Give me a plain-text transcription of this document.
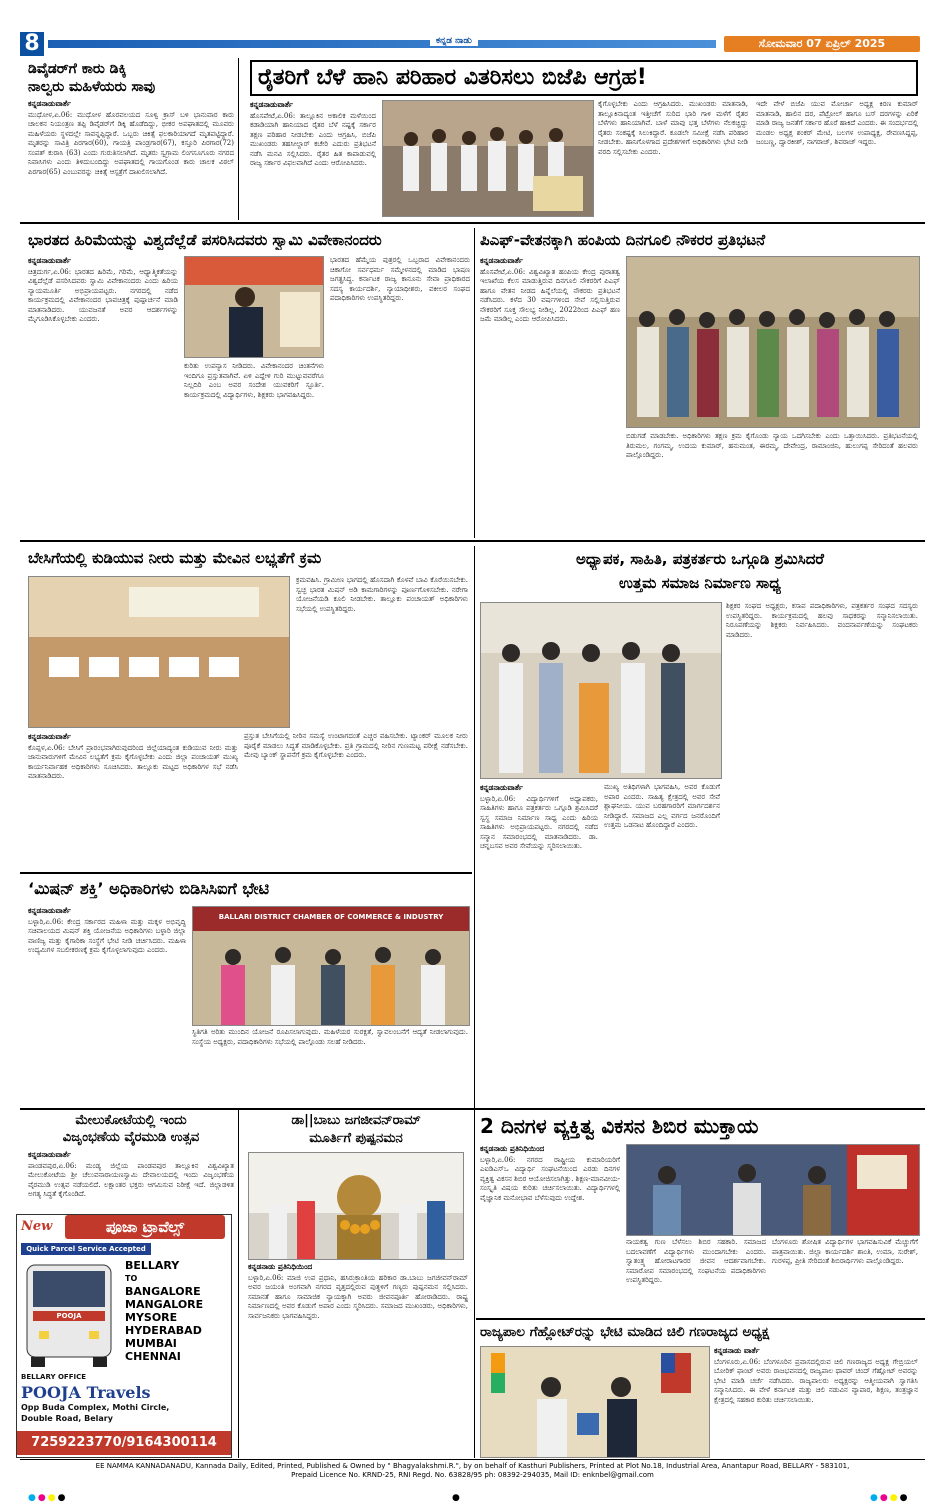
8	ಕನ್ನಡ ನಾಡು	ಸೋಮವಾರ 07 ಏಪ್ರಿಲ್ 2025
ಡಿವೈಡರ್‌ಗೆ ಕಾರು ಡಿಕ್ಕಿ
ನಾಲ್ವರು ಮಹಿಳೆಯರು ಸಾವು
ಕನ್ನಡನಾಡುವಾರ್ತೆ
ಮುಧೋಳ,ಏ.06: ಮುಧೋಳ ಹೊರವಲಯದ ಸೂಳ್ವಿ ಕ್ರಾಸ್ ಬಳಿ ಭಾನುವಾರ ಕಾರು ಚಾಲಕನ ನಿಯಂತ್ರಣ ತಪ್ಪಿ ಡಿವೈಡರ್‌ಗೆ ಡಿಕ್ಕಿ ಹೊಡೆದಿದ್ದು, ಭೀಕರ ಅಪಘಾತದಲ್ಲಿ ಮೂವರು ಮಹಿಳೆಯರು ಸ್ಥಳದಲ್ಲೇ ಸಾವನ್ನಪ್ಪಿದ್ದಾರೆ. ಒಬ್ಬರು ಚಿಕಿತ್ಸೆ ಫಲಕಾರಿಯಾಗದೆ ಮೃತಪಟ್ಟಿದ್ದಾರೆ. ಮೃತರನ್ನು ಸಾವಿತ್ರಿ ಪಿರಗಾರ(60), ಗಾಯತ್ರಿ ಪಾಂಡ್ರಗಾರ(67), ಕಸ್ತೂರಿ ಪಿರಗಾರ(72) ಸಂಪತ್ ಕುರಾಸಿ (63) ಎಂದು ಗುರುತಿಸಲಾಗಿದೆ. ಮೃತರು ಸ್ವಗ್ರಾಮ ಲಿಂಗಸೂಗೂರು ನಗರದ ನಿವಾಸಿಗಳು ಎಂದು ತಿಳಿದುಬಂದಿದ್ದು ಅಪಘಾತದಲ್ಲಿ ಗಾಯಗೊಂಡ ಕಾರು ಚಾಲಕ ವಿಠಲ್ ಪಿರಗಾರ(65) ಎಂಬುವರನ್ನು ಚಿಕಿತ್ಸೆ ಆಸ್ಪತ್ರೆಗೆ ದಾಖಲಿಸಲಾಗಿದೆ.
ರೈತರಿಗೆ ಬೆಳೆ ಹಾನಿ ಪರಿಹಾರ ವಿತರಿಸಲು ಬಿಜೆಪಿ ಆಗ್ರಹ!
ಕನ್ನಡನಾಡುವಾರ್ತೆ
ಹೊಸಪೇಟೆ,ಏ.06: ತಾಲ್ಲೂಕಿನ ಅಕಾಲಿಕ ಮಳೆಯಿಂದ ಕಡಾಡಿಯಾಗಿ ಹಾನಿಯಾದ ರೈತರ ಬೆಳೆ ನಷ್ಟಕ್ಕೆ ಸರ್ಕಾರ ತಕ್ಷಣ ಪರಿಹಾರ ನೀಡಬೇಕು ಎಂದು ಆಗ್ರಹಿಸಿ, ಬಿಜೆಪಿ ಮುಖಂಡರು ತಹಸೀಲ್ದಾರ್ ಕಚೇರಿ ಎದುರು ಪ್ರತಿಭಟನೆ ನಡೆಸಿ ಮನವಿ ಸಲ್ಲಿಸಿದರು. ರೈತರ ಹಿತ ಕಾಪಾಡುವಲ್ಲಿ ರಾಜ್ಯ ಸರ್ಕಾರ ವಿಫಲವಾಗಿದೆ ಎಂದು ಆರೋಪಿಸಿದರು.
ಕೈಗೊಳ್ಳಬೇಕು ಎಂದು ಆಗ್ರಹಿಸಿದರು. ಮುಖಂಡರು ಮಾತನಾಡಿ, ತಾಲ್ಲೂಕಿನಾದ್ಯಂತ ಇತ್ತೀಚೆಗೆ ಸುರಿದ ಭಾರಿ ಗಾಳಿ ಮಳೆಗೆ ರೈತರ ಬೆಳೆಗಳು ಹಾನಿಯಾಗಿವೆ. ಬಾಳೆ ಮಾವು ಭತ್ತ ಬೆಳೆಗಳು ನೆಲಕಚ್ಚಿದ್ದು ರೈತರು ಸಂಕಷ್ಟಕ್ಕೆ ಸಿಲುಕಿದ್ದಾರೆ. ಕೂಡಲೇ ಸಮೀಕ್ಷೆ ನಡೆಸಿ ಪರಿಹಾರ ನೀಡಬೇಕು. ಹಾನಿಗೊಳಗಾದ ಪ್ರದೇಶಗಳಿಗೆ ಅಧಿಕಾರಿಗಳು ಭೇಟಿ ನೀಡಿ ವರದಿ ಸಲ್ಲಿಸಬೇಕು ಎಂದರು.
ಇದೇ ವೇಳೆ ಬಿಜೆಪಿ ಯುವ ಮೋರ್ಚಾ ಅಧ್ಯಕ್ಷ ಕಿರಣ ಕುಮಾರ್ ಮಾತನಾಡಿ, ಹಾಲಿನ ದರ, ಪೆಟ್ರೋಲ್ ಹಾಗೂ ಬಸ್ ದರಗಳನ್ನು ಏರಿಕೆ ಮಾಡಿ ರಾಜ್ಯ ಜನತೆಗೆ ಸರ್ಕಾರ ಹೊರೆ ಹಾಕಿದೆ ಎಂದರು. ಈ ಸಂದರ್ಭದಲ್ಲಿ ಮಂಡಲ ಅಧ್ಯಕ್ಷ ಶಂಕರ್ ಮೇಟಿ, ಬಲಗಳ ಉಪಾಧ್ಯಕ್ಷ, ರೇವಣಸಿದ್ದಪ್ಪ, ಜಂಬಣ್ಣ, ದ್ವಾರಕೀಶ್, ನಾಗರಾಜ್, ಶಿವರಾಜ್ ಇದ್ದರು.
ಭಾರತದ ಹಿರಿಮೆಯನ್ನು ವಿಶ್ವದೆಲ್ಲೆಡೆ ಪಸರಿಸಿದವರು ಸ್ವಾಮಿ ವಿವೇಕಾನಂದರು
ಕನ್ನಡನಾಡುವಾರ್ತೆ
ಚಿತ್ರದುರ್ಗ,ಏ.06: ಭಾರತದ ಹಿರಿಮೆ, ಗರಿಮೆ, ಆಧ್ಯಾತ್ಮಿಕತೆಯನ್ನು ವಿಶ್ವದೆಲ್ಲೆಡೆ ಪಸರಿಸಿದವರು ಸ್ವಾಮಿ ವಿವೇಕಾನಂದರು ಎಂದು ಹಿರಿಯ ನ್ಯಾಯಮೂರ್ತಿ ಅಭಿಪ್ರಾಯಪಟ್ಟರು. ನಗರದಲ್ಲಿ ನಡೆದ ಕಾರ್ಯಕ್ರಮದಲ್ಲಿ ವಿವೇಕಾನಂದರ ಭಾವಚಿತ್ರಕ್ಕೆ ಪುಷ್ಪಾರ್ಚನೆ ಮಾಡಿ ಮಾತನಾಡಿದರು. ಯುವಜನತೆ ಅವರ ಆದರ್ಶಗಳನ್ನು ಮೈಗೂಡಿಸಿಕೊಳ್ಳಬೇಕು ಎಂದರು.
ಕುರಿತು ಉಪನ್ಯಾಸ ನೀಡಿದರು. ವಿವೇಕಾನಂದರ ಚಿಂತನೆಗಳು ಇಂದಿಗೂ ಪ್ರಸ್ತುತವಾಗಿವೆ. ಏಳಿ ಎದ್ದೇಳಿ ಗುರಿ ಮುಟ್ಟುವವರೆಗೂ ನಿಲ್ಲದಿರಿ ಎಂಬ ಅವರ ಸಂದೇಶ ಯುವಕರಿಗೆ ಸ್ಫೂರ್ತಿ. ಕಾರ್ಯಕ್ರಮದಲ್ಲಿ ವಿದ್ಯಾರ್ಥಿಗಳು, ಶಿಕ್ಷಕರು ಭಾಗವಹಿಸಿದ್ದರು.
ಭಾರತದ ಹೆಮ್ಮೆಯ ಪುತ್ರರಲ್ಲಿ ಒಬ್ಬರಾದ ವಿವೇಕಾನಂದರು ಚಿಕಾಗೋ ಸರ್ವಧರ್ಮ ಸಮ್ಮೇಳನದಲ್ಲಿ ಮಾಡಿದ ಭಾಷಣ ಜಗತ್ಪ್ರಸಿದ್ಧ. ಕರ್ನಾಟಕ ರಾಜ್ಯ ಕಾನೂನು ಸೇವಾ ಪ್ರಾಧಿಕಾರದ ಸದಸ್ಯ ಕಾರ್ಯದರ್ಶಿ, ನ್ಯಾಯಾಧೀಶರು, ವಕೀಲರ ಸಂಘದ ಪದಾಧಿಕಾರಿಗಳು ಉಪಸ್ಥಿತರಿದ್ದರು.
ಪಿಎಫ್-ವೇತನಕ್ಕಾಗಿ ಹಂಪಿಯ ದಿನಗೂಲಿ ನೌಕರರ ಪ್ರತಿಭಟನೆ
ಕನ್ನಡನಾಡುವಾರ್ತೆ
ಹೊಸಪೇಟೆ,ಏ.06: ವಿಶ್ವವಿಖ್ಯಾತ ಹಂಪಿಯ ಕೇಂದ್ರ ಪುರಾತತ್ವ ಇಲಾಖೆಯ ಕೆಲಸ ಮಾಡುತ್ತಿರುವ ದಿನಗೂಲಿ ನೌಕರರಿಗೆ ಪಿಎಫ್ ಹಾಗೂ ವೇತನ ನೀಡದ ಹಿನ್ನೆಲೆಯಲ್ಲಿ ನೌಕರರು ಪ್ರತಿಭಟನೆ ನಡೆಸಿದರು. ಕಳೆದ 30 ವರ್ಷಗಳಿಂದ ಸೇವೆ ಸಲ್ಲಿಸುತ್ತಿರುವ ನೌಕರರಿಗೆ ಸೂಕ್ತ ಸೌಲಭ್ಯ ನೀಡಿಲ್ಲ. 2022ರಿಂದ ಪಿಎಫ್ ಹಣ ಜಮೆ ಮಾಡಿಲ್ಲ ಎಂದು ಆರೋಪಿಸಿದರು.
ಬಿಡುಗಡೆ ಮಾಡಬೇಕು. ಅಧಿಕಾರಿಗಳು ತಕ್ಷಣ ಕ್ರಮ ಕೈಗೊಂಡು ನ್ಯಾಯ ಒದಗಿಸಬೇಕು ಎಂದು ಒತ್ತಾಯಿಸಿದರು. ಪ್ರತಿಭಟನೆಯಲ್ಲಿ ತಿರುಮಲ, ಗಂಗಮ್ಮ, ಉದಯ ಕುಮಾರ್, ಹನುಮಂತ, ಈರಮ್ಮ, ದೇವೇಂದ್ರ, ರಾಮಾಂಜಿನಿ, ಹುಲುಗಪ್ಪ ಸೇರಿದಂತೆ ಹಲವರು ಪಾಲ್ಗೊಂಡಿದ್ದರು.
ಬೇಸಿಗೆಯಲ್ಲಿ ಕುಡಿಯುವ ನೀರು ಮತ್ತು ಮೇವಿನ ಲಭ್ಯತೆಗೆ ಕ್ರಮ
ಕ್ರಮವಹಿಸಿ. ಗ್ರಾಮೀಣ ಭಾಗದಲ್ಲಿ ಹೊಸದಾಗಿ ಕೊಳವೆ ಬಾವಿ ಕೊರೆಯಿಸಬೇಕು. ಸ್ವಚ್ಛ ಭಾರತ ಮಿಷನ್ ಅಡಿ ಕಾಮಗಾರಿಗಳನ್ನು ಪೂರ್ಣಗೊಳಿಸಬೇಕು. ನರೇಗಾ ಯೋಜನೆಯಡಿ ಕೂಲಿ ನೀಡಬೇಕು. ತಾಲ್ಲೂಕು ಪಂಚಾಯತ್ ಅಧಿಕಾರಿಗಳು ಸಭೆಯಲ್ಲಿ ಉಪಸ್ಥಿತರಿದ್ದರು.
ಕನ್ನಡನಾಡುವಾರ್ತೆ
ಕೊಪ್ಪಳ,ಏ.06: ಬೇಸಿಗೆ ಪ್ರಾರಂಭವಾಗಿರುವುದರಿಂದ ಜಿಲ್ಲೆಯಾದ್ಯಂತ ಕುಡಿಯುವ ನೀರು ಮತ್ತು ಜಾನುವಾರುಗಳಿಗೆ ಮೇವಿನ ಲಭ್ಯತೆಗೆ ಕ್ರಮ ಕೈಗೊಳ್ಳಬೇಕು ಎಂದು ಜಿಲ್ಲಾ ಪಂಚಾಯತ್ ಮುಖ್ಯ ಕಾರ್ಯನಿರ್ವಾಹಕ ಅಧಿಕಾರಿಗಳು ಸೂಚಿಸಿದರು. ತಾಲ್ಲೂಕು ಮಟ್ಟದ ಅಧಿಕಾರಿಗಳ ಸಭೆ ನಡೆಸಿ ಮಾತನಾಡಿದರು.
ಪ್ರಸ್ತುತ ಬೇಸಿಗೆಯಲ್ಲಿ ನೀರಿನ ಸಮಸ್ಯೆ ಉಂಟಾಗದಂತೆ ಎಚ್ಚರ ವಹಿಸಬೇಕು. ಟ್ಯಾಂಕರ್ ಮೂಲಕ ನೀರು ಪೂರೈಕೆ ಮಾಡಲು ಸಿದ್ಧತೆ ಮಾಡಿಕೊಳ್ಳಬೇಕು. ಪ್ರತಿ ಗ್ರಾಮದಲ್ಲಿ ನೀರಿನ ಗುಣಮಟ್ಟ ಪರೀಕ್ಷೆ ನಡೆಸಬೇಕು. ಮೇವು ಬ್ಯಾಂಕ್ ಸ್ಥಾಪನೆಗೆ ಕ್ರಮ ಕೈಗೊಳ್ಳಬೇಕು ಎಂದರು.
ಅಧ್ಯಾಪಕ, ಸಾಹಿತಿ, ಪತ್ರಕರ್ತರು ಒಗ್ಗೂಡಿ ಶ್ರಮಿಸಿದರೆ
ಉತ್ತಮ ಸಮಾಜ ನಿರ್ಮಾಣ ಸಾಧ್ಯ
ಶಿಕ್ಷಕರ ಸಂಘದ ಅಧ್ಯಕ್ಷರು, ಕಸಾಪ ಪದಾಧಿಕಾರಿಗಳು, ಪತ್ರಕರ್ತರ ಸಂಘದ ಸದಸ್ಯರು ಉಪಸ್ಥಿತರಿದ್ದರು. ಕಾರ್ಯಕ್ರಮದಲ್ಲಿ ಹಲವು ಸಾಧಕರನ್ನು ಸನ್ಮಾನಿಸಲಾಯಿತು. ನಿರೂಪಣೆಯನ್ನು ಶಿಕ್ಷಕರು ನಿರ್ವಹಿಸಿದರು. ವಂದನಾರ್ಪಣೆಯನ್ನು ಸಂಘಟಕರು ಮಾಡಿದರು.
ಕನ್ನಡನಾಡುವಾರ್ತೆ
ಬಳ್ಳಾರಿ,ಏ.06: ವಿದ್ಯಾರ್ಥಿಗಳಿಗೆ ಅಧ್ಯಾಪಕರು, ಸಾಹಿತಿಗಳು ಹಾಗೂ ಪತ್ರಕರ್ತರು ಒಗ್ಗೂಡಿ ಶ್ರಮಿಸಿದರೆ ಸ್ವಸ್ಥ ಸಮಾಜ ನಿರ್ಮಾಣ ಸಾಧ್ಯ ಎಂದು ಹಿರಿಯ ಸಾಹಿತಿಗಳು ಅಭಿಪ್ರಾಯಪಟ್ಟರು. ನಗರದಲ್ಲಿ ನಡೆದ ಸನ್ಮಾನ ಸಮಾರಂಭದಲ್ಲಿ ಮಾತನಾಡಿದರು. ಡಾ. ಚನ್ನಬಸವ ಅವರ ಸೇವೆಯನ್ನು ಸ್ಮರಿಸಲಾಯಿತು.
ಮುಖ್ಯ ಅತಿಥಿಗಳಾಗಿ ಭಾಗವಹಿಸಿ, ಅವರ ಕೊಡುಗೆ ಅಪಾರ ಎಂದರು. ಸಾಹಿತ್ಯ ಕ್ಷೇತ್ರದಲ್ಲಿ ಅವರ ಸೇವೆ ಶ್ಲಾಘನೀಯ. ಯುವ ಬರಹಗಾರರಿಗೆ ಮಾರ್ಗದರ್ಶನ ನೀಡಿದ್ದಾರೆ. ಸಮಾಜದ ಎಲ್ಲ ವರ್ಗದ ಜನರೊಂದಿಗೆ ಉತ್ತಮ ಒಡನಾಟ ಹೊಂದಿದ್ದಾರೆ ಎಂದರು.
‘ಮಿಷನ್ ಶಕ್ತಿ’ ಅಧಿಕಾರಿಗಳು ಬಿಡಿಸಿಸಿಐಗೆ ಭೇಟಿ
ಕನ್ನಡನಾಡುವಾರ್ತೆ
ಬಳ್ಳಾರಿ,ಏ.06: ಕೇಂದ್ರ ಸರ್ಕಾರದ ಮಹಿಳಾ ಮತ್ತು ಮಕ್ಕಳ ಅಭಿವೃದ್ಧಿ ಸಚಿವಾಲಯದ ಮಿಷನ್ ಶಕ್ತಿ ಯೋಜನೆಯ ಅಧಿಕಾರಿಗಳು ಬಳ್ಳಾರಿ ಜಿಲ್ಲಾ ವಾಣಿಜ್ಯ ಮತ್ತು ಕೈಗಾರಿಕಾ ಸಂಸ್ಥೆಗೆ ಭೇಟಿ ನೀಡಿ ಚರ್ಚಿಸಿದರು. ಮಹಿಳಾ ಉದ್ಯಮಿಗಳ ಸಬಲೀಕರಣಕ್ಕೆ ಕ್ರಮ ಕೈಗೊಳ್ಳಲಾಗುವುದು ಎಂದರು.
BALLARI DISTRICT CHAMBER OF COMMERCE & INDUSTRY
ಸ್ಥಿತಿಗತಿ ಅರಿತು ಮುಂದಿನ ಯೋಜನೆ ರೂಪಿಸಲಾಗುವುದು. ಮಹಿಳೆಯರ ಸುರಕ್ಷತೆ, ಸ್ವಾವಲಂಬನೆಗೆ ಆದ್ಯತೆ ನೀಡಲಾಗುವುದು. ಸಂಸ್ಥೆಯ ಅಧ್ಯಕ್ಷರು, ಪದಾಧಿಕಾರಿಗಳು ಸಭೆಯಲ್ಲಿ ಪಾಲ್ಗೊಂಡು ಸಲಹೆ ನೀಡಿದರು.
ಮೇಲುಕೋಟೆಯಲ್ಲಿ ಇಂದು
ವಿಜೃಂಭಣೆಯ ವೈರಮುಡಿ ಉತ್ಸವ
ಕನ್ನಡನಾಡುವಾರ್ತೆ
ಪಾಂಡವಪುರ,ಏ.06: ಮಂಡ್ಯ ಜಿಲ್ಲೆಯ ಪಾಂಡವಪುರ ತಾಲ್ಲೂಕಿನ ವಿಶ್ವವಿಖ್ಯಾತ ಮೇಲುಕೋಟೆಯ ಶ್ರೀ ಚೆಲುವನಾರಾಯಣಸ್ವಾಮಿ ದೇವಾಲಯದಲ್ಲಿ ಇಂದು ವಿಜೃಂಭಣೆಯ ವೈರಮುಡಿ ಉತ್ಸವ ನಡೆಯಲಿದೆ. ಲಕ್ಷಾಂತರ ಭಕ್ತರು ಆಗಮಿಸುವ ನಿರೀಕ್ಷೆ ಇದೆ. ಜಿಲ್ಲಾಡಳಿತ ಅಗತ್ಯ ಸಿದ್ಧತೆ ಕೈಗೊಂಡಿದೆ.
New	ಪೂಜಾ ಟ್ರಾವೆಲ್ಸ್
Quick Parcel Service Accepted
POOJA
BELLARY
TO
BANGALORE
MANGALORE
MYSORE
HYDERABAD
MUMBAI
CHENNAI
BELLARY OFFICE
POOJA Travels
Opp Buda Complex, Mothi Circle,
Double Road, Belary
7259223770/9164300114
ಡಾ||ಬಾಬು ಜಗಜೀವನ್‌ರಾಮ್
ಮೂರ್ತಿಗೆ ಪುಷ್ಪನಮನ
ಕನ್ನಡನಾಡು ಪ್ರತಿನಿಧಿಯಿಂದ
ಬಳ್ಳಾರಿ,ಏ.06: ಮಾಜಿ ಉಪ ಪ್ರಧಾನಿ, ಹಸಿರುಕ್ರಾಂತಿಯ ಹರಿಕಾರ ಡಾ.ಬಾಬು ಜಗಜೀವನ್‌ರಾಮ್ ಅವರ ಜಯಂತಿ ಅಂಗವಾಗಿ ನಗರದ ವೃತ್ತದಲ್ಲಿರುವ ಪುತ್ಥಳಿಗೆ ಗಣ್ಯರು ಪುಷ್ಪನಮನ ಸಲ್ಲಿಸಿದರು. ಸಮಾನತೆ ಹಾಗೂ ಸಾಮಾಜಿಕ ನ್ಯಾಯಕ್ಕಾಗಿ ಅವರು ಜೀವನಪೂರ್ತಿ ಹೋರಾಡಿದರು. ರಾಷ್ಟ್ರ ನಿರ್ಮಾಣದಲ್ಲಿ ಅವರ ಕೊಡುಗೆ ಅಪಾರ ಎಂದು ಸ್ಮರಿಸಿದರು. ಸಮಾಜದ ಮುಖಂಡರು, ಅಧಿಕಾರಿಗಳು, ಸಾರ್ವಜನಿಕರು ಭಾಗವಹಿಸಿದ್ದರು.
2 ದಿನಗಳ ವ್ಯಕ್ತಿತ್ವ ವಿಕಸನ ಶಿಬಿರ ಮುಕ್ತಾಯ
ಕನ್ನಡನಾಡು ಪ್ರತಿನಿಧಿಯಿಂದ
ಬಳ್ಳಾರಿ,ಏ.06: ನಗರದ ರಾಷ್ಟ್ರೀಯ ಕುಮಾರಿಯರಿಗೆ ಎಐಡಿಎಸ್‌ಒ ವಿದ್ಯಾರ್ಥಿ ಸಂಘಟನೆಯಿಂದ ಎರಡು ದಿನಗಳ ವ್ಯಕ್ತಿತ್ವ ವಿಕಸನ ಶಿಬಿರ ಆಯೋಜಿಸಲಾಗಿತ್ತು. ಶಿಕ್ಷಣ-ಮಾನವೀಯ-ಸಂಸ್ಕೃತಿ ವಿಷಯ ಕುರಿತು ಚರ್ಚಿಸಲಾಯಿತು. ವಿದ್ಯಾರ್ಥಿಗಳಲ್ಲಿ ವೈಜ್ಞಾನಿಕ ಮನೋಭಾವ ಬೆಳೆಸುವುದು ಉದ್ದೇಶ.
ನಾಯಕತ್ವ ಗುಣ ಬೆಳೆಸಲು ಶಿಬಿರ ಸಹಕಾರಿ. ಸಮಾಜದ ಬದಲಾವಣೆಗೆ ವಿದ್ಯಾರ್ಥಿಗಳು ಮುಂದಾಗಬೇಕು ಎಂದರು. ಸ್ವಾತಂತ್ರ್ಯ ಹೋರಾಟಗಾರರ ಜೀವನ ಆದರ್ಶವಾಗಬೇಕು. ಸಮಾರೋಪ ಸಮಾರಂಭದಲ್ಲಿ ಸಂಘಟನೆಯ ಪದಾಧಿಕಾರಿಗಳು ಉಪಸ್ಥಿತರಿದ್ದರು.
ಬೆಂಗಳೂರು ಶೋಷಿತ ವಿದ್ಯಾರ್ಥಿಗಳ ಭಾಗವಹಿಸುವಿಕೆ ಮೆಚ್ಚುಗೆಗೆ ಪಾತ್ರವಾಯಿತು. ಜಿಲ್ಲಾ ಕಾರ್ಯದರ್ಶಿ ಶಾಂತಿ, ಉಮಾ, ಸುರೇಶ್, ಗುರಳಪ್ಪ, ಪ್ರೀತಿ ಸೇರಿದಂತೆ ಶಿಬಿರಾರ್ಥಿಗಳು ಪಾಲ್ಗೊಂಡಿದ್ದರು.
ರಾಜ್ಯಪಾಲ ಗೆಹ್ಲೋಟ್‌ರನ್ನು ಭೇಟಿ ಮಾಡಿದ ಚಿಲಿ ಗಣರಾಜ್ಯದ ಅಧ್ಯಕ್ಷ
ಕನ್ನಡನಾಡು ವಾರ್ತೆ
ಬೆಂಗಳೂರು,ಏ.06: ಬೆಂಗಳೂರಿನ ಪ್ರವಾಸದಲ್ಲಿರುವ ಚಿಲಿ ಗಣರಾಜ್ಯದ ಅಧ್ಯಕ್ಷ ಗೇಬ್ರಿಯಲ್ ಬೋರಿಕ್ ಫಾಂಟ್ ಅವರು ರಾಜಭವನದಲ್ಲಿ ರಾಜ್ಯಪಾಲ ಥಾವರ್ ಚಂದ್ ಗೆಹ್ಲೋಟ್ ಅವರನ್ನು ಭೇಟಿ ಮಾಡಿ ಚರ್ಚೆ ನಡೆಸಿದರು. ರಾಜ್ಯಪಾಲರು ಅಧ್ಯಕ್ಷರನ್ನು ಆತ್ಮೀಯವಾಗಿ ಸ್ವಾಗತಿಸಿ ಸನ್ಮಾನಿಸಿದರು. ಈ ವೇಳೆ ಕರ್ನಾಟಕ ಮತ್ತು ಚಿಲಿ ನಡುವಿನ ವ್ಯಾಪಾರ, ಶಿಕ್ಷಣ, ತಂತ್ರಜ್ಞಾನ ಕ್ಷೇತ್ರದಲ್ಲಿ ಸಹಕಾರ ಕುರಿತು ಚರ್ಚಿಸಲಾಯಿತು.
EE NAMMA KANNADANADU, Kannada Daily, Edited, Printed, Published & Owned by " Bhagyalakshmi.R.", by on behalf of Kasthuri Publishers, Printed at Plot No.18, Industrial Area, Anantapur Road, BELLARY - 583101,
Prepaid Licence No. KRND-25, RNI Regd. No. 63828/95 ph: 08392-294035, Mail ID: enknbel@gmail.com
●●●●	●	●●●●
